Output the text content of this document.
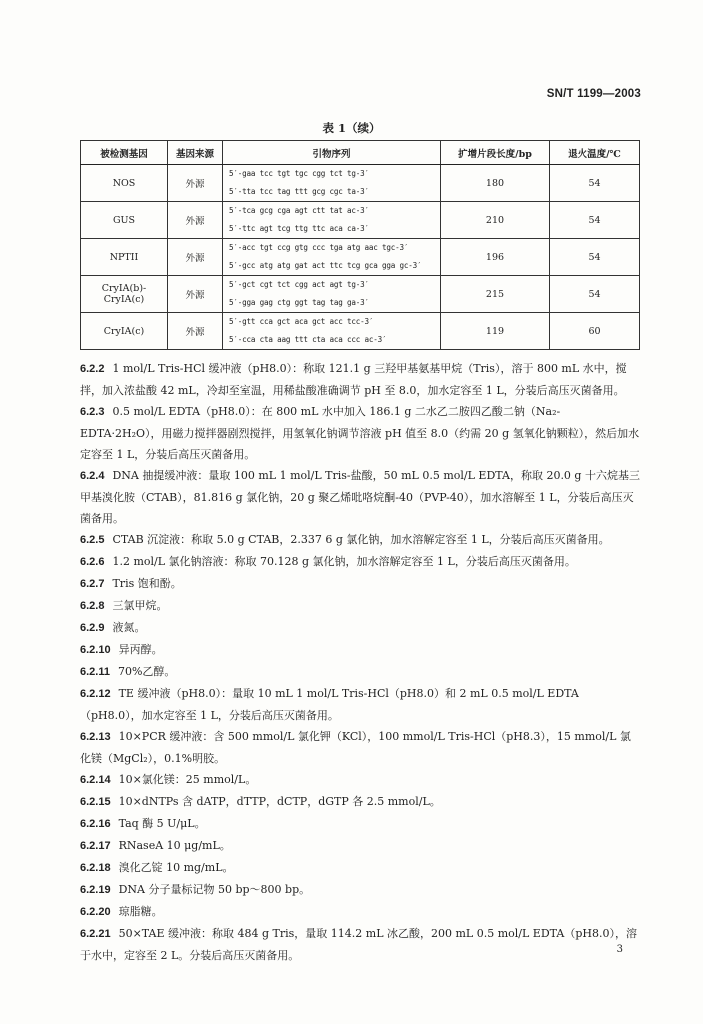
SN/T 1199—2003
表 1（续）
被检测基因	基因来源	引物序列	扩增片段长度/bp	退火温度/℃
NOS	外源	5′-gaa tcc tgt tgc cgg tct tg-3′
5′-tta tcc tag ttt gcg cgc ta-3′	180	54
GUS	外源	5′-tca gcg cga agt ctt tat ac-3′
5′-ttc agt tcg ttg ttc aca ca-3′	210	54
NPTII	外源	5′-acc tgt ccg gtg ccc tga atg aac tgc-3′
5′-gcc atg atg gat act ttc tcg gca gga gc-3′	196	54
CryIA(b)-CryIA(c)	外源	5′-gct cgt tct cgg act agt tg-3′
5′-gga gag ctg ggt tag tag ga-3′	215	54
CryIA(c)	外源	5′-gtt cca gct aca gct acc tcc-3′
5′-cca cta aag ttt cta aca ccc ac-3′	119	60

6.2.2 1 mol/L Tris-HCl 缓冲液（pH8.0）：称取 121.1 g 三羟甲基氨基甲烷（Tris），溶于 800 mL 水中，搅拌，加入浓盐酸 42 mL，冷却至室温，用稀盐酸准确调节 pH 至 8.0，加水定容至 1 L，分装后高压灭菌备用。

6.2.3 0.5 mol/L EDTA（pH8.0）：在 800 mL 水中加入 186.1 g 二水乙二胺四乙酸二钠（Na₂-EDTA·2H₂O），用磁力搅拌器剧烈搅拌，用氢氧化钠调节溶液 pH 值至 8.0（约需 20 g 氢氧化钠颗粒），然后加水定容至 1 L，分装后高压灭菌备用。

6.2.4 DNA 抽提缓冲液：量取 100 mL 1 mol/L Tris-盐酸，50 mL 0.5 mol/L EDTA，称取 20.0 g 十六烷基三甲基溴化胺（CTAB），81.816 g 氯化钠，20 g 聚乙烯吡咯烷酮-40（PVP-40），加水溶解至 1 L，分装后高压灭菌备用。

6.2.5 CTAB 沉淀液：称取 5.0 g CTAB，2.337 6 g 氯化钠，加水溶解定容至 1 L，分装后高压灭菌备用。

6.2.6 1.2 mol/L 氯化钠溶液：称取 70.128 g 氯化钠，加水溶解定容至 1 L，分装后高压灭菌备用。

6.2.7 Tris 饱和酚。

6.2.8 三氯甲烷。

6.2.9 液氮。

6.2.10 异丙醇。

6.2.11 70%乙醇。

6.2.12 TE 缓冲液（pH8.0）：量取 10 mL 1 mol/L Tris-HCl（pH8.0）和 2 mL 0.5 mol/L EDTA（pH8.0），加水定容至 1 L，分装后高压灭菌备用。

6.2.13 10×PCR 缓冲液：含 500 mmol/L 氯化钾（KCl），100 mmol/L Tris-HCl（pH8.3），15 mmol/L 氯化镁（MgCl₂），0.1%明胶。

6.2.14 10×氯化镁：25 mmol/L。

6.2.15 10×dNTPs 含 dATP，dTTP，dCTP，dGTP 各 2.5 mmol/L。

6.2.16 Taq 酶 5 U/μL。

6.2.17 RNaseA 10 μg/mL。

6.2.18 溴化乙锭 10 mg/mL。

6.2.19 DNA 分子量标记物 50 bp～800 bp。

6.2.20 琼脂糖。

6.2.21 50×TAE 缓冲液：称取 484 g Tris，量取 114.2 mL 冰乙酸，200 mL 0.5 mol/L EDTA（pH8.0），溶于水中，定容至 2 L。分装后高压灭菌备用。	3
